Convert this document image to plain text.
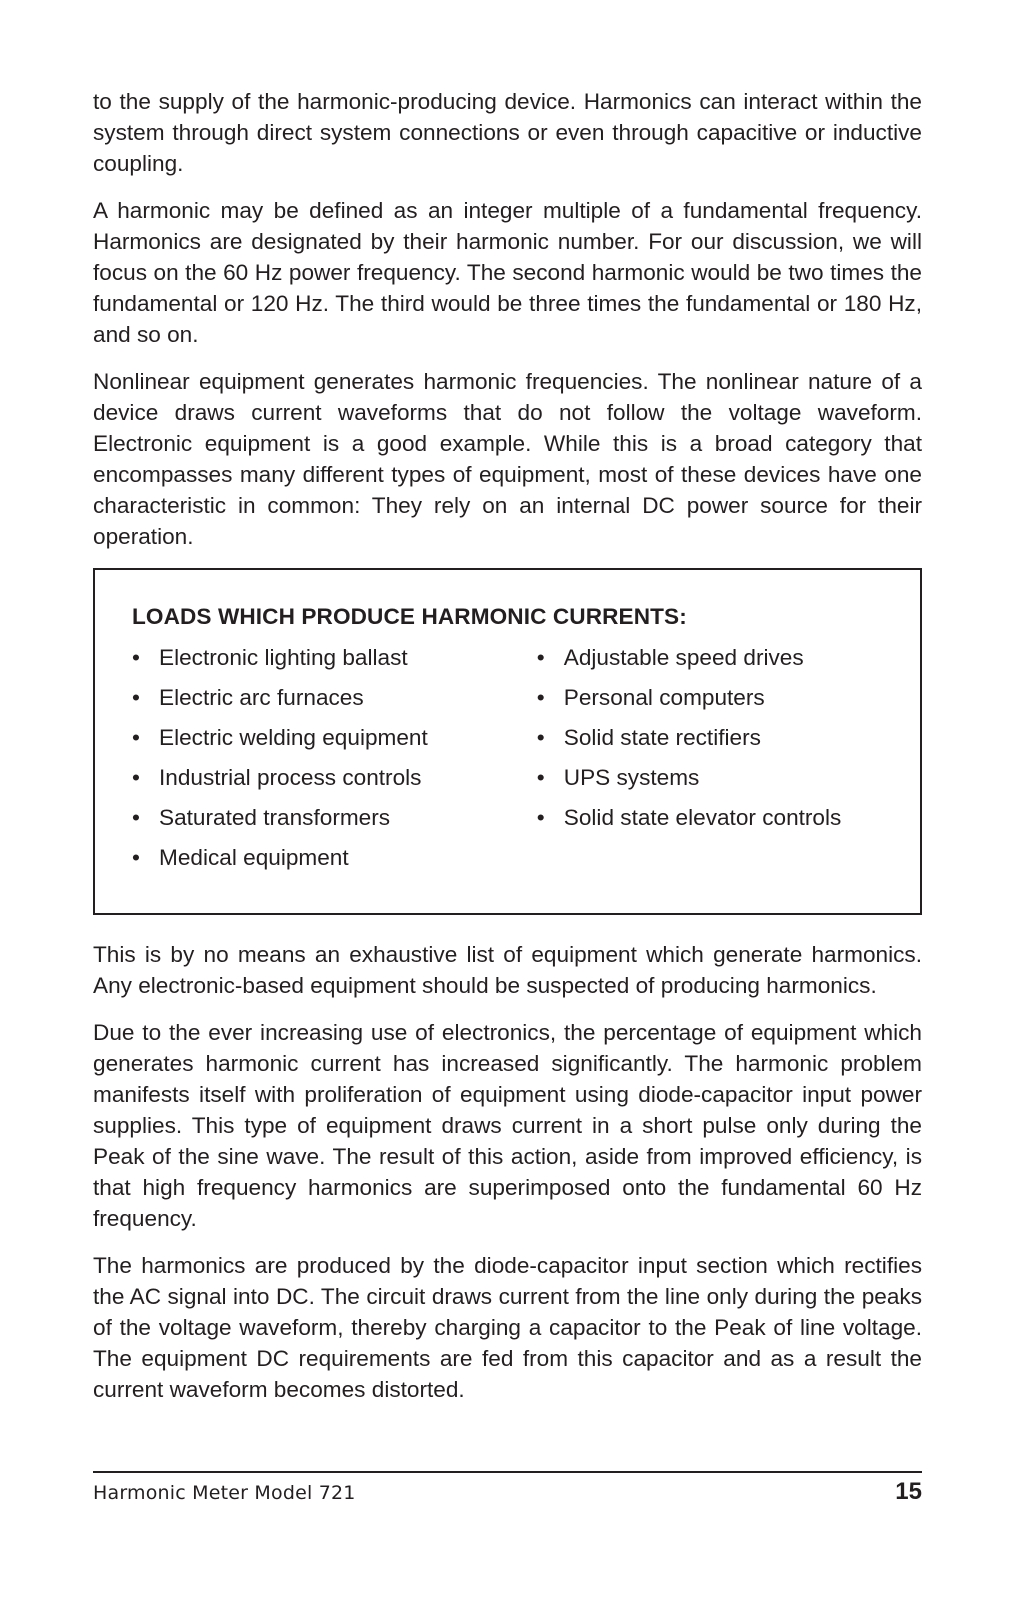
to the supply of the harmonic-producing device. Harmonics can interact within the system through direct system connections or even through capacitive or inductive coupling.

A harmonic may be defined as an integer multiple of a fundamental frequency. Harmonics are designated by their harmonic number. For our discussion, we will focus on the 60 Hz power frequency. The second harmonic would be two times the fundamental or 120 Hz. The third would be three times the fundamental or 180 Hz, and so on.

Nonlinear equipment generates harmonic frequencies. The nonlinear nature of a device draws current waveforms that do not follow the voltage waveform. Electronic equipment is a good example. While this is a broad category that encompasses many different types of equipment, most of these devices have one characteristic in common: They rely on an internal DC power source for their operation.

LOADS WHICH PRODUCE HARMONIC CURRENTS:
• Electronic lighting ballast
• Electric arc furnaces
• Electric welding equipment
• Industrial process controls
• Saturated transformers
• Medical equipment
• Adjustable speed drives
• Personal computers
• Solid state rectifiers
• UPS systems
• Solid state elevator controls

This is by no means an exhaustive list of equipment which generate harmonics. Any electronic-based equipment should be suspected of producing harmonics.

Due to the ever increasing use of electronics, the percentage of equipment which generates harmonic current has increased significantly. The harmonic problem manifests itself with proliferation of equipment using diode-capacitor input power supplies. This type of equipment draws current in a short pulse only during the Peak of the sine wave. The result of this action, aside from improved efficiency, is that high frequency harmonics are superimposed onto the fundamental 60 Hz frequency.

The harmonics are produced by the diode-capacitor input section which rectifies the AC signal into DC. The circuit draws current from the line only during the peaks of the voltage waveform, thereby charging a capacitor to the Peak of line voltage. The equipment DC requirements are fed from this capacitor and as a result the current waveform becomes distorted.

Harmonic Meter Model 721	15
